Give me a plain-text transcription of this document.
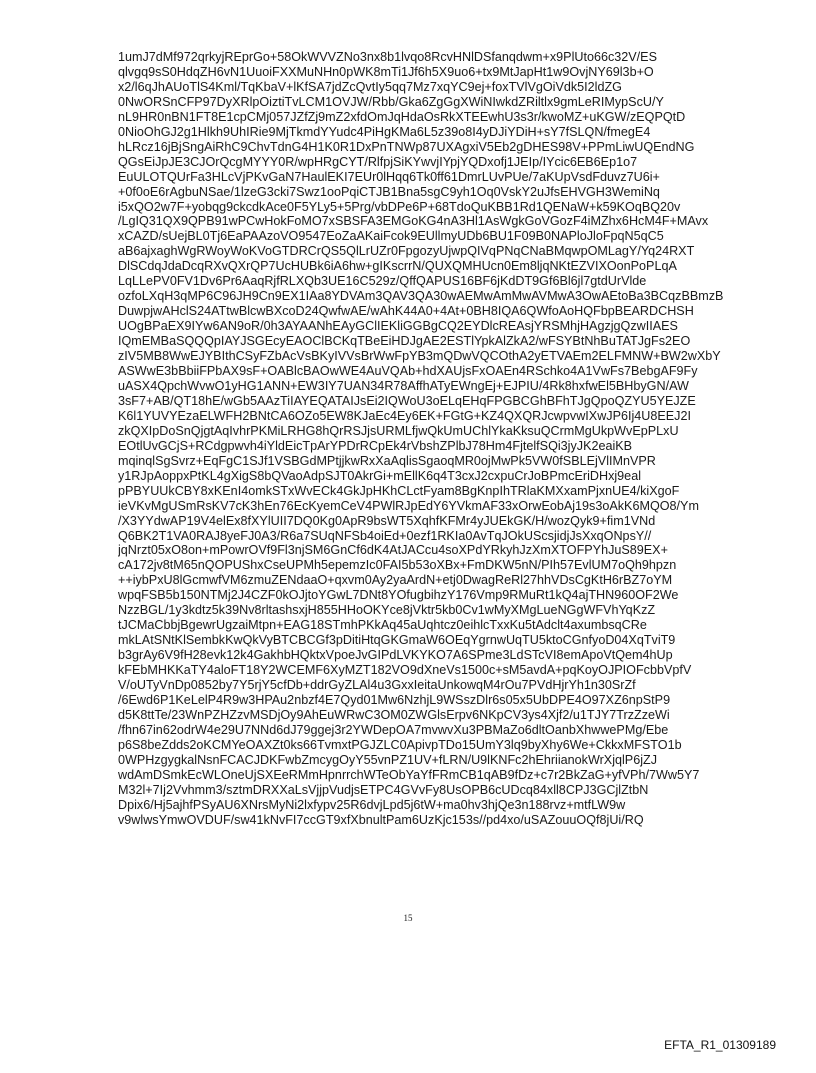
1umJ7dMf972qrkyjREprGo+58OkWVVZNo3nx8b1lvqo8RcvHNlDSfanqdwm+x9PlUto66c32V/ES
qlvgq9sS0HdqZH6vN1UuoiFXXMuNHn0pWK8mTi1Jf6h5X9uo6+tx9MtJapHt1w9OvjNY69l3b+O
x2/l6qJhAUoTlS4Kml/TqKbaV+lKfSA7jdZcQvtIy5qq7Mz7xqYC9ej+foxTVlVgOiVdk5I2ldZG
0NwORSnCFP97DyXRlpOiztiTvLCM1OVJW/Rbb/Gka6ZgGgXWiNIwkdZRiltlx9gmLeRIMypScU/Y
nL9HR0nBN1FT8E1cpCMj057JZfZj9mZ2xfdOmJqHdaOsRkXTEEwhU3s3r/kwoMZ+uKGW/zEQPQtD
0NioOhGJ2g1Hlkh9UhIRie9MjTkmdYYudc4PiHgKMa6L5z39o8I4yDJiYDiH+sY7fSLQN/fmegE4
hLRcz16jBjSngAiRhC9ChvTdnG4H1K0R1DxPnTNWp87UXAgxiV5Eb2gDHES98V+PPmLiwUQEndNG
QGsEiJpJE3CJOrQcgMYYY0R/wpHRgCYT/RlfpjSiKYwvjIYpjYQDxofj1JEIp/IYcic6EB6Ep1o7
EuULOTQUrFa3HLcVjPKvGaN7HaulEKI7EUr0lHqq6Tk0ff61DmrLUvPUe/7aKUpVsdFduvz7U6i+
+0f0oE6rAgbuNSae/1lzeG3cki7Swz1ooPqiCTJB1Bna5sgC9yh1Oq0VskY2uJfsEHVGH3WemiNq
i5xQO2w7F+yobqg9ckcdkAce0F5YLy5+5Prg/vbDPe6P+68TdoQuKBB1Rd1QENaW+k59KOqBQ20v
/LgIQ31QX9QPB91wPCwHokFoMO7xSBSFA3EMGoKG4nA3Hl1AsWgkGoVGozF4iMZhx6HcM4F+MAvx
xCAZD/sUejBL0Tj6EaPAAzoVO9547EoZaAKaiFcok9EUllmyUDb6BU1F09B0NAPloJloFpqN5qC5
aB6ajxaghWgRWoyWoKVoGTDRCrQS5QlLrUZr0FpgozyUjwpQIVqPNqCNaBMqwpOMLagY/Yq24RXT
DlSCdqJdaDcqRXvQXrQP7UcHUBk6iA6hw+gIKscrrN/QUXQMHUcn0Em8ljqNKtEZVIXOonPoPLqA
LqLLePV0FV1Dv6Pr6AaqRjfRLXQb3UE16C529z/QffQAPUS16BF6jKdDT9Gf6Bl6jl7gtdUrVlde
ozfoLXqH3qMP6C96JH9Cn9EX1IAa8YDVAm3QAV3QA30wAEMwAmMwAVMwA3OwAEtoBa3BCqzBBmzB
DuwpjwAHclS24ATtwBlcwBXcoD24QwfwAE/wAhK44A0+4At+0BH8IQA6QWfoAoHQFbpBEARDCHSH
UOgBPaEX9IYw6AN9oR/0h3AYAANhEAyGClIEKliGGBgCQ2EYDlcREAsjYRSMhjHAgzjgQzwIIAES
IQmEMBaSQQQpIAYJSGEcyEAOClBCKqTBeEiHDJgAE2ESTlYpkAlZkA2/wFSYBtNhBuTATJgFs2EO
zIV5MB8WwEJYBIthCSyFZbAcVsBKyIVVsBrWwFpYB3mQDwVQCOthA2yETVAEm2ELFMNW+BW2wXbY
ASWwE3bBbiiFPbAX9sF+OABlcBAOwWE4AuVQAb+hdXAUjsFxOAEn4RSchko4A1VwFs7BebgAF9Fy
uASX4QpchWvwO1yHG1ANN+EW3IY7UAN34R78AffhATyEWngEj+EJPIU/4Rk8hxfwEl5BHbyGN/AW
3sF7+AB/QT18hE/wGb5AAzTiIAYEQATAIJsEi2IQWoU3oELqEHqFPGBCGhBFhTJgQpoQZYU5YEJZE
K6l1YUVYEzaELWFH2BNtCA6OZo5EW8KJaEc4Ey6EK+FGtG+KZ4QXQRJcwpvwIXwJP6Ij4U8EEJ2I
zkQXIpDoSnQjgtAqIvhrPKMiLRHG8hQrRSJjsURMLfjwQkUmUChlYkaKksuQCrmMgUkpWvEpPLxU
EOtlUvGCjS+RCdgpwvh4iYldEicTpArYPDrRCpEk4rVbshZPlbJ78Hm4FjtelfSQi3jyJK2eaiKB
mqinqlSgSvrz+EqFgC1SJf1VSBGdMPtjjkwRxXaAqlisSgaoqMR0ojMwPk5VW0fSBLEjVlIMnVPR
y1RJpAoppxPtKL4gXigS8bQVaoAdpSJT0AkrGi+mEllK6q4T3cxJ2cxpuCrJoBPmcEriDHxj9eal
pPBYUUkCBY8xKEnI4omkSTxWvECk4GkJpHKhCLctFyam8BgKnpIhTRlaKMXxamPjxnUE4/kiXgoF
ieVKvMgUSmRsKV7cK3hEn76EcKyemCeV4PWlRJpEdY6YVkmAF33xOrwEobAj19s3oAkK6MQO8/Ym
/X3YYdwAP19V4elEx8fXYlUII7DQ0Kg0ApR9bsWT5XqhfKFMr4yJUEkGK/H/wozQyk9+fim1VNd
Q6BK2T1VA0RAJ8yeFJ0A3/R6a7SUqNFSb4oiEd+0ezf1RKIa0AvTqJOkUScsjidjJsXxqONpsY//
jqNrzt05xO8on+mPowrOVf9Fl3njSM6GnCf6dK4AtJACcu4soXPdYRkyhJzXmXTOFPYhJuS89EX+
cA172jv8tM65nQOPUShxCseUPMh5epemzIc0FAI5b53oXBx+FmDKW5nN/PIh57EvlUM7oQh9hpzn
++iybPxU8lGcmwfVM6zmuZENdaaO+qxvm0Ay2yaArdN+etj0DwagReRl27hhVDsCgKtH6rBZ7oYM
wpqFSB5b150NTMj2J4CZF0kOJjtoYGwL7DNt8YOfugbihzY176Vmp9RMuRt1kQ4ajTHN960OF2We
NzzBGL/1y3kdtz5k39Nv8rltashsxjH855HHoOKYce8jVktr5kb0Cv1wMyXMgLueNGgWFVhYqKzZ
tJCMaCbbjBgewrUgzaiMtpn+EAG18STmhPKkAq45aUqhtcz0eihlcTxxKu5tAdclt4axumbsqCRe
mkLAtSNtKlSembkKwQkVyBTCBCGf3pDitiHtqGKGmaW6OEqYgrnwUqTU5ktoCGnfyoD04XqTviT9
b3grAy6V9fH28evk12k4GakhbHQktxVpoeJvGIPdLVKYKO7A6SPme3LdSTcVI8emApoVtQem4hUp
kFEbMHKKaTY4aloFT18Y2WCEMF6XyMZT182VO9dXneVs1500c+sM5avdA+pqKoyOJPIOFcbbVpfV
V/oUTyVnDp0852by7Y5rjY5cfDb+ddrGyZLAl4u3GxxIeitaUnkowqM4rOu7PVdHjrYh1n30SrZf
/6Ewd6P1KeLelP4R9w3HPAu2nbzf4E7Qyd01Mw6NzhjL9WSszDlr6s05x5UbDPE4O97XZ6npStP9
d5K8ttTe/23WnPZHZzvMSDjOy9AhEuWRwC3OM0ZWGlsErpv6NKpCV3ys4Xjf2/u1TJY7TrzZzeWi
/fhn67in62odrW4e29U7NNd6dJ79ggej3r2YWDepOA7mvwvXu3PBMaZo6dltOanbXhwwePMg/Ebe
p6S8beZdds2oKCMYeOAXZt0ks66TvmxtPGJZLC0ApivpTDo15UmY3lq9byXhy6We+CkkxMFSTO1b
0WPHzgygkalNsnFCACJDKFwbZmcygOyY55vnPZ1UV+fLRN/U9lKNFc2hEhriianokWrXjqlP6jZJ
wdAmDSmkEcWLOneUjSXEeRMmHpnrrchWTeObYaYfFRmCB1qAB9fDz+c7r2BkZaG+yfVPh/7Ww5Y7
M32l+7Ij2Vvhmm3/sztmDRXXaLsVjjpVudjsETPC4GVvFy8UsOPB6cUDcq84xll8CPJ3GCjlZtbN
Dpix6/Hj5ajhfPSyAU6XNrsMyNi2lxfypv25R6dvjLpd5j6tW+ma0hv3hjQe3n188rvz+mtfLW9w
v9wlwsYmwOVDUF/sw41kNvFI7ccGT9xfXbnultPam6UzKjc153s//pd4xo/uSAZouuOQf8jUi/RQ
15
EFTA_R1_01309189
